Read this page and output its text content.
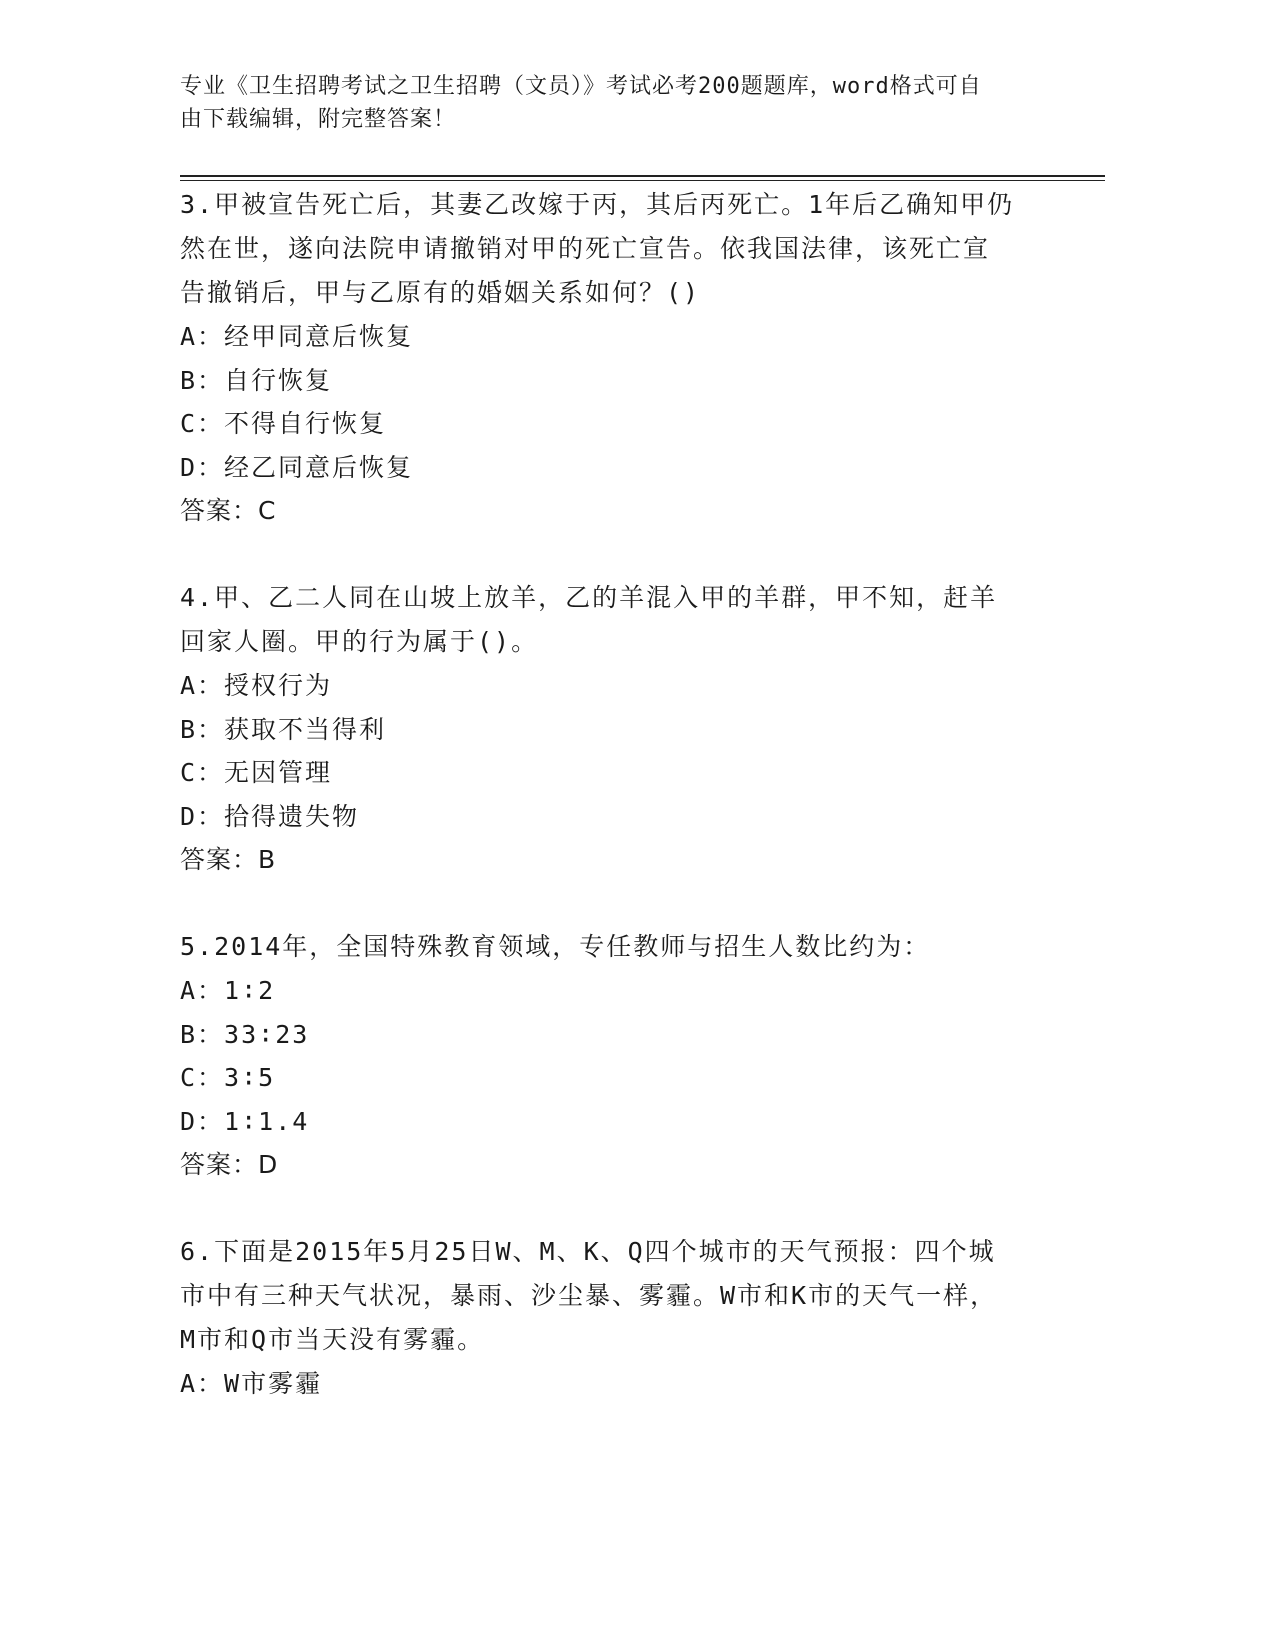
专业《卫生招聘考试之卫生招聘（文员）》考试必考200题题库，word格式可自
由下载编辑，附完整答案！

3.甲被宣告死亡后，其妻乙改嫁于丙，其后丙死亡。1年后乙确知甲仍

然在世，遂向法院申请撤销对甲的死亡宣告。依我国法律，该死亡宣

告撤销后，甲与乙原有的婚姻关系如何？()

A：经甲同意后恢复

B：自行恢复

C：不得自行恢复

D：经乙同意后恢复

答案：C

4.甲、乙二人同在山坡上放羊，乙的羊混入甲的羊群，甲不知，赶羊

回家人圈。甲的行为属于()。

A：授权行为

B：获取不当得利

C：无因管理

D：拾得遗失物

答案：B

5.2014年，全国特殊教育领域，专任教师与招生人数比约为：

A：1∶2

B：33∶23

C：3∶5

D：1∶1.4

答案：D

6.下面是2015年5月25日W、M、K、Q四个城市的天气预报：四个城

市中有三种天气状况，暴雨、沙尘暴、雾霾。W市和K市的天气一样，

M市和Q市当天没有雾霾。

A：W市雾霾
